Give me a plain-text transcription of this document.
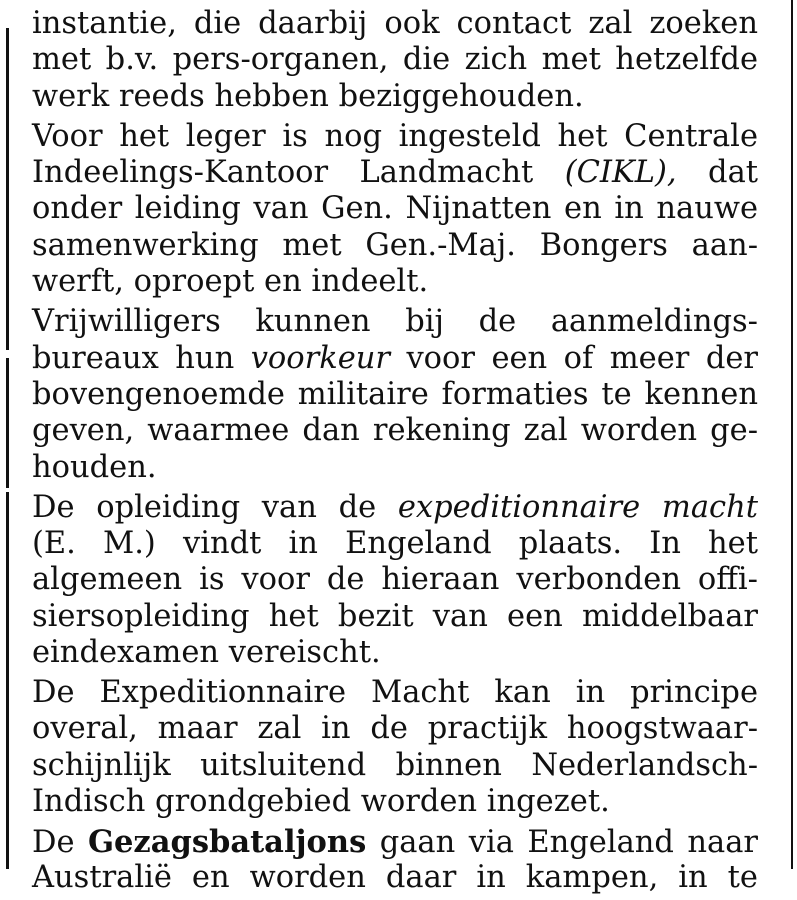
instantie, die daarbij ook contact zal zoeken
met b.v. pers-organen, die zich met hetzelfde
werk reeds hebben beziggehouden.
Voor het leger is nog ingesteld het Centrale
Indeelings-Kantoor Landmacht (CIKL), dat
onder leiding van Gen. Nijnatten en in nauwe
samenwerking met Gen.-Maj. Bongers aan-
werft, oproept en indeelt.
Vrijwilligers kunnen bij de aanmeldings-
bureaux hun voorkeur voor een of meer der
bovengenoemde militaire formaties te kennen
geven, waarmee dan rekening zal worden ge-
houden.
De opleiding van de expeditionnaire macht
(E. M.) vindt in Engeland plaats. In het
algemeen is voor de hieraan verbonden offi-
siersopleiding het bezit van een middelbaar
eindexamen vereischt.
De Expeditionnaire Macht kan in principe
overal, maar zal in de practijk hoogstwaar-
schijnlijk uitsluitend binnen Nederlandsch-
Indisch grondgebied worden ingezet.
De Gezagsbataljons gaan via Engeland naar
Australië en worden daar in kampen, in te
